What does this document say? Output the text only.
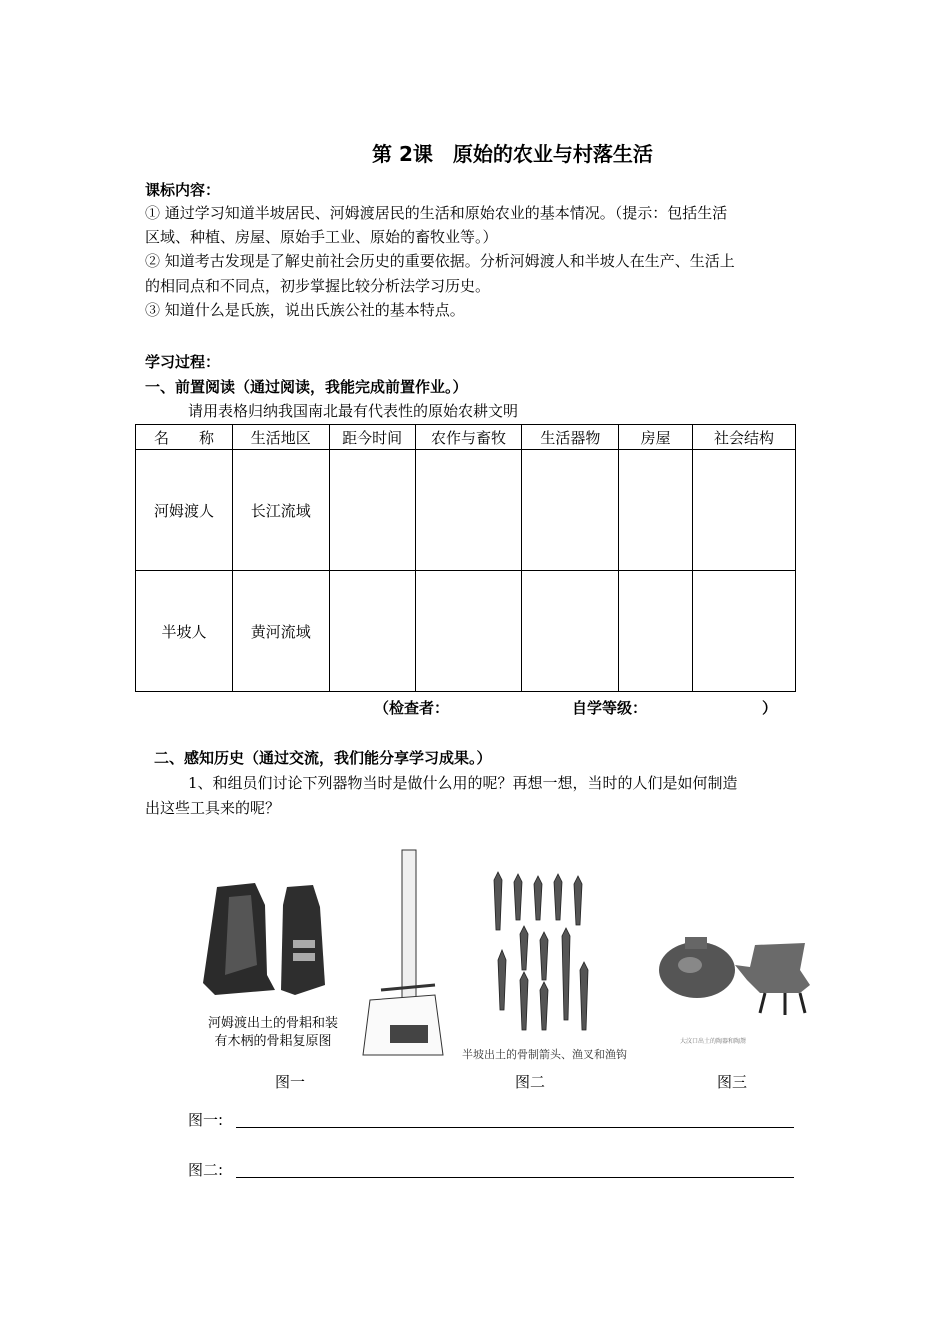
第 2课　原始的农业与村落生活
课标内容：
① 通过学习知道半坡居民、河姆渡居民的生活和原始农业的基本情况。（提示：包括生活
区域、种植、房屋、原始手工业、原始的畜牧业等。）
② 知道考古发现是了解史前社会历史的重要依据。分析河姆渡人和半坡人在生产、生活上
的相同点和不同点，初步掌握比较分析法学习历史。
③ 知道什么是氏族，说出氏族公社的基本特点。
学习过程：
一、前置阅读（通过阅读，我能完成前置作业。）
请用表格归纳我国南北最有代表性的原始农耕文明
名　　称	生活地区	距今时间	农作与畜牧	生活器物	房屋	社会结构
河姆渡人	长江流域					
半坡人	黄河流域					
（检查者：	自学等级：	）
二、感知历史（通过交流，我们能分享学习成果。）
1、和组员们讨论下列器物当时是做什么用的呢？再想一想，当时的人们是如何制造
出这些工具来的呢？
河姆渡出土的骨耜和装
有木柄的骨耜复原图
半坡出土的骨制箭头、渔叉和渔钩
大汶口出土的陶器和陶鬶
图一	图二	图三
图一:
图二:
